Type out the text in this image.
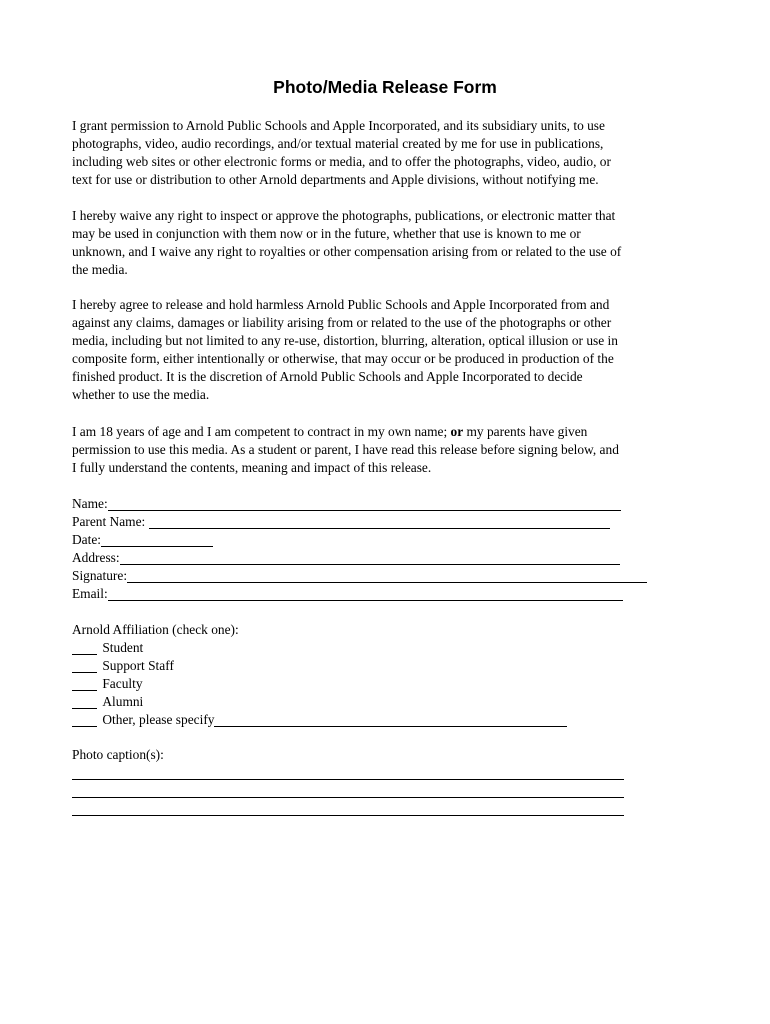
Photo/Media Release Form

I grant permission to Arnold Public Schools and Apple Incorporated, and its subsidiary units, to use
photographs, video, audio recordings, and/or textual material created by me for use in publications,
including web sites or other electronic forms or media, and to offer the photographs, video, audio, or
text for use or distribution to other Arnold departments and Apple divisions, without notifying me.

I hereby waive any right to inspect or approve the photographs, publications, or electronic matter that
may be used in conjunction with them now or in the future, whether that use is known to me or
unknown, and I waive any right to royalties or other compensation arising from or related to the use of
the media.

I hereby agree to release and hold harmless Arnold Public Schools and Apple Incorporated from and
against any claims, damages or liability arising from or related to the use of the photographs or other
media, including but not limited to any re-use, distortion, blurring, alteration, optical illusion or use in
composite form, either intentionally or otherwise, that may occur or be produced in production of the
finished product. It is the discretion of Arnold Public Schools and Apple Incorporated to decide
whether to use the media.

I am 18 years of age and I am competent to contract in my own name; or my parents have given
permission to use this media. As a student or parent, I have read this release before signing below, and
I fully understand the contents, meaning and impact of this release.

Name:
Parent Name:
Date:
Address:
Signature:
Email:
Arnold Affiliation (check one):

Student

Support Staff

Faculty

Alumni

Other, please specify
Photo caption(s):
